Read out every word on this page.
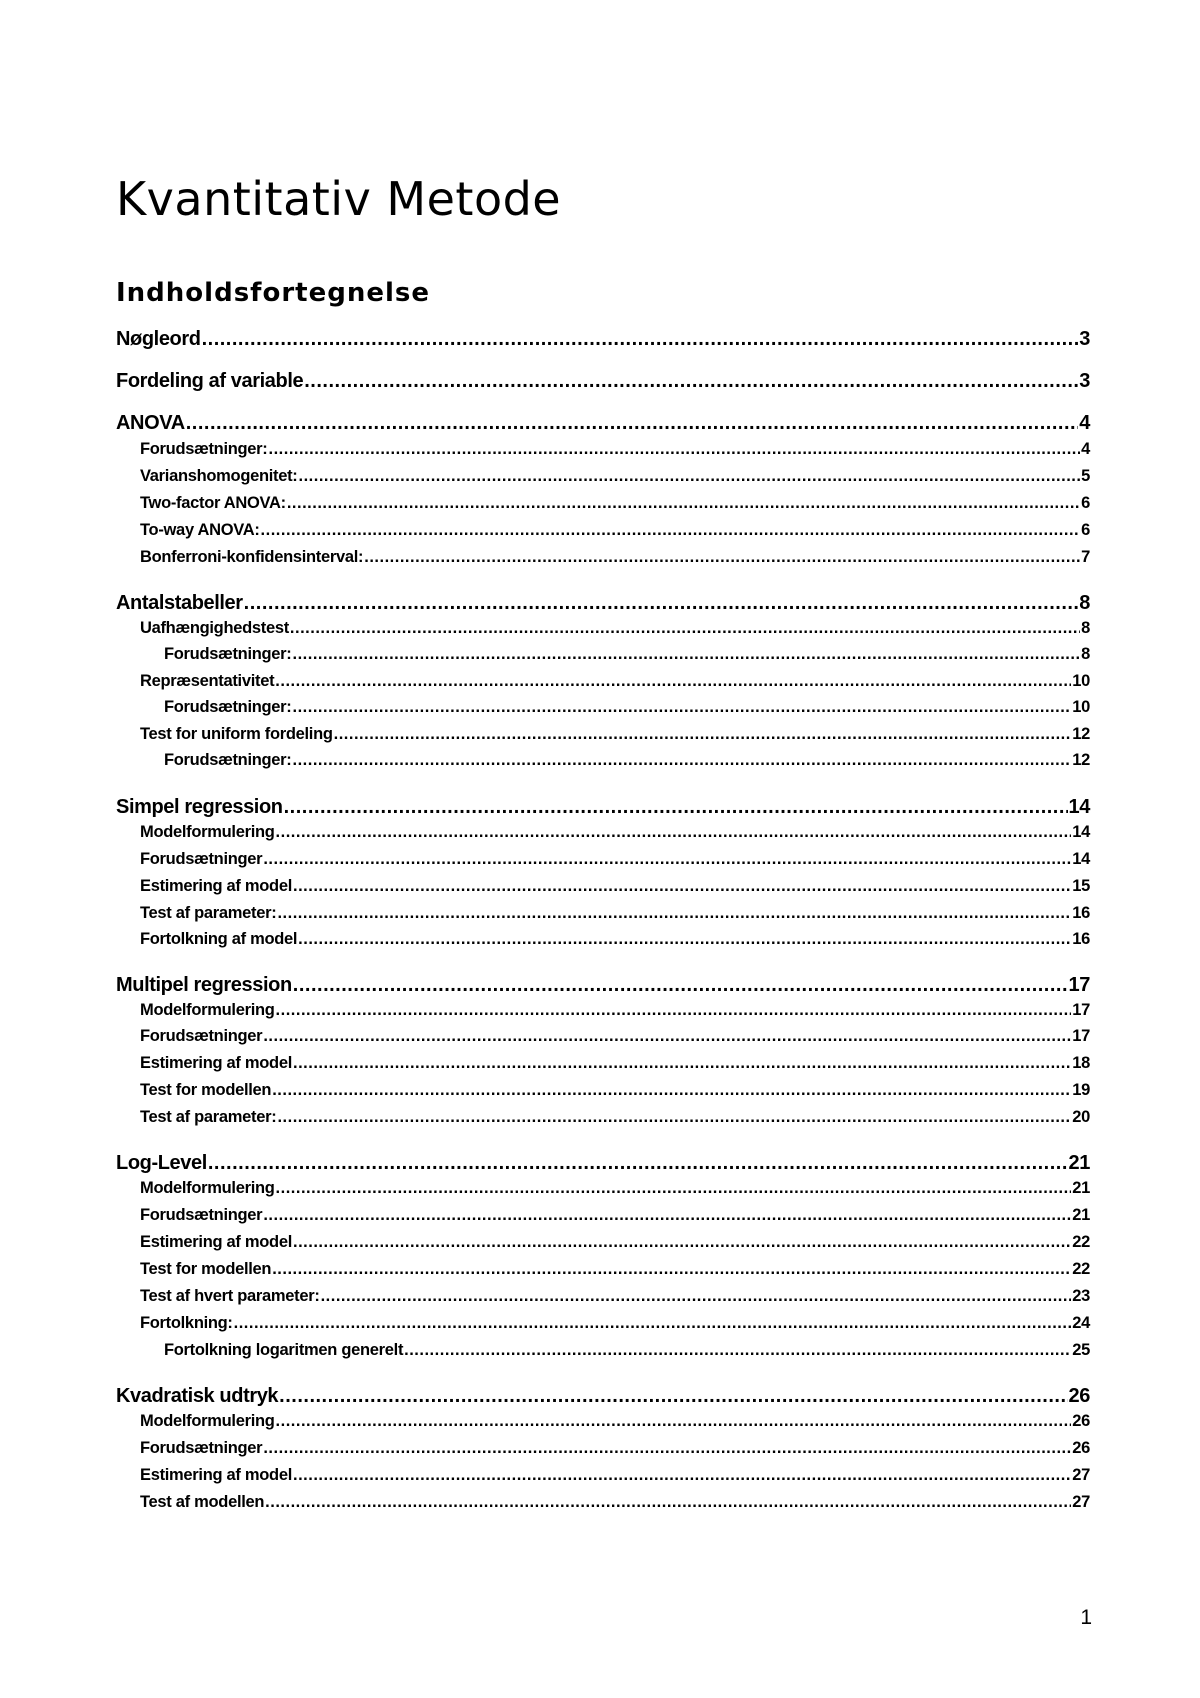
Kvantitativ Metode
Indholdsfortegnelse
Nøgleord .....	3
Fordeling af variable .....	3
ANOVA .....	4
Forudsætninger: .....	4
Varianshomogenitet: .....	5
Two-factor ANOVA: .....	6
To-way ANOVA: .....	6
Bonferroni-konfidensinterval: .....	7
Antalstabeller .....	8
Uafhængighedstest .....	8
Forudsætninger: .....	8
Repræsentativitet .....	10
Forudsætninger: .....	10
Test for uniform fordeling .....	12
Forudsætninger: .....	12
Simpel regression .....	14
Modelformulering .....	14
Forudsætninger .....	14
Estimering af model .....	15
Test af parameter: .....	16
Fortolkning af model .....	16
Multipel regression .....	17
Modelformulering .....	17
Forudsætninger .....	17
Estimering af model .....	18
Test for modellen .....	19
Test af parameter: .....	20
Log-Level .....	21
Modelformulering .....	21
Forudsætninger .....	21
Estimering af model .....	22
Test for modellen .....	22
Test af hvert parameter: .....	23
Fortolkning: .....	24
Fortolkning logaritmen generelt .....	25
Kvadratisk udtryk .....	26
Modelformulering .....	26
Forudsætninger .....	26
Estimering af model .....	27
Test af modellen .....	27
1
